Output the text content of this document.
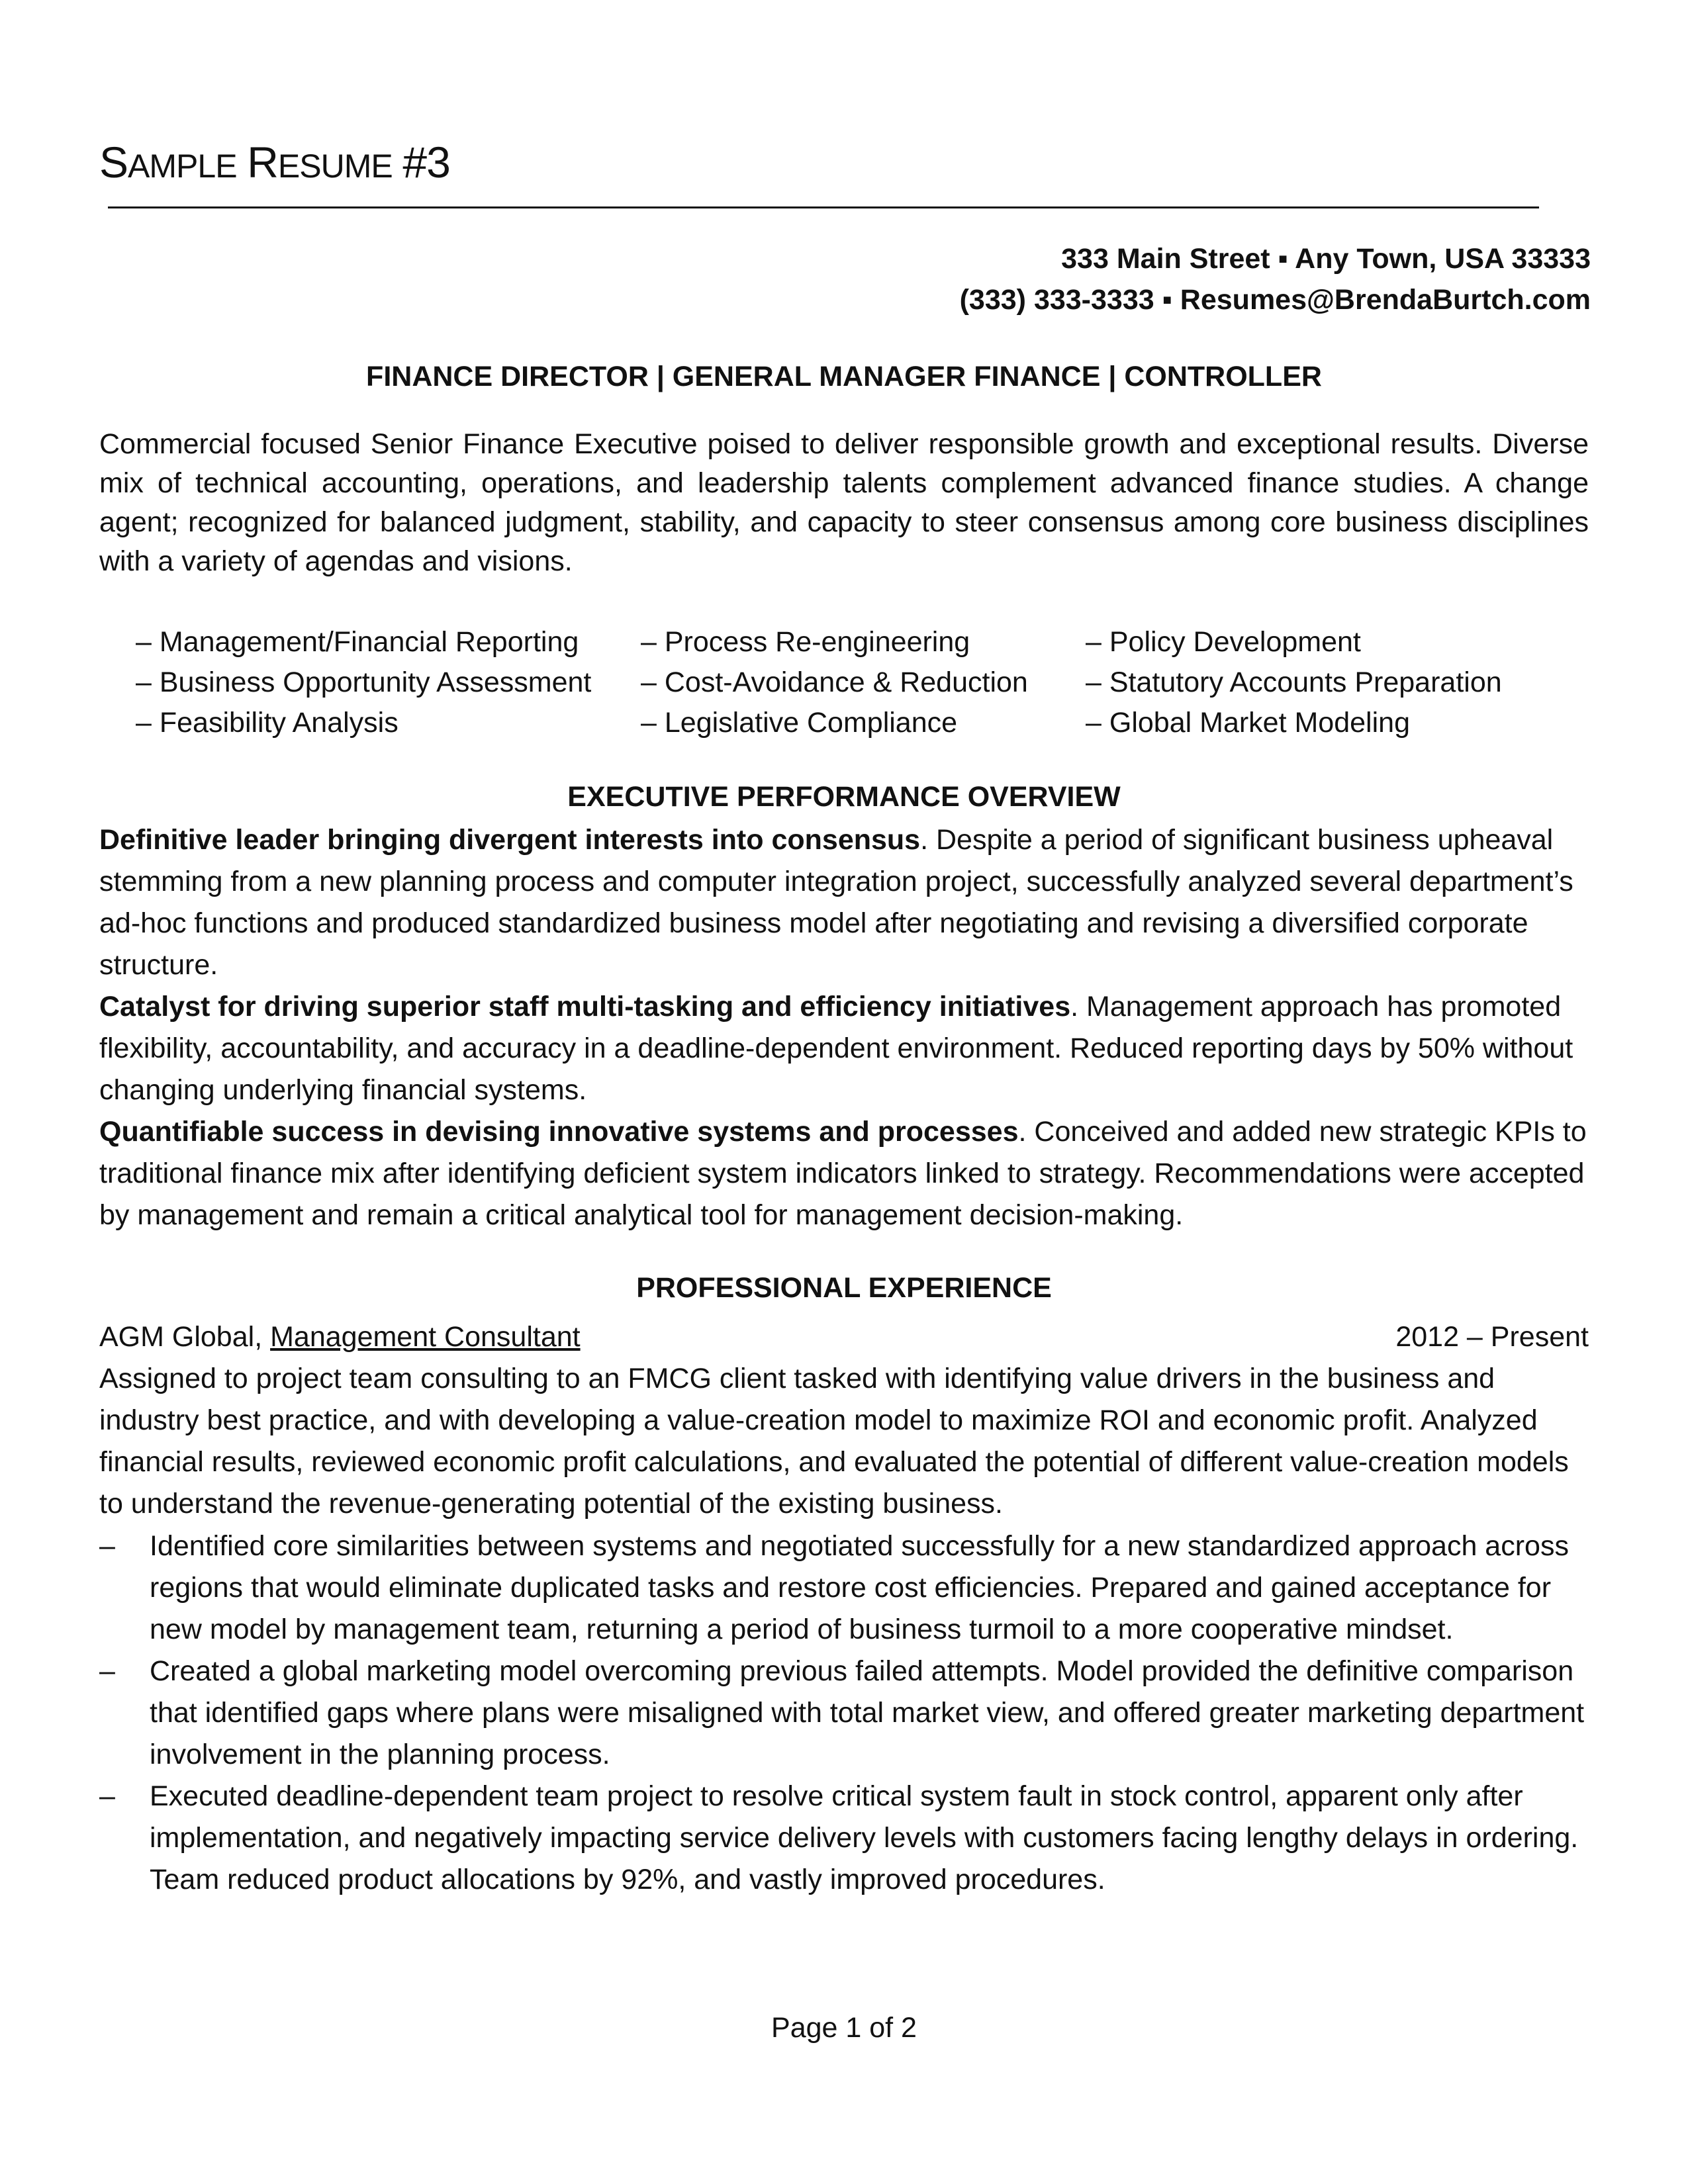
SAMPLE RESUME #3
333 Main Street ▪ Any Town, USA 33333
(333) 333-3333 ▪ Resumes@BrendaBurtch.com
FINANCE DIRECTOR | GENERAL MANAGER FINANCE | CONTROLLER
Commercial focused Senior Finance Executive poised to deliver responsible growth and exceptional results. Diverse mix of technical accounting, operations, and leadership talents complement advanced finance studies. A change agent; recognized for balanced judgment, stability, and capacity to steer consensus among core business disciplines with a variety of agendas and visions.
– Management/Financial Reporting
– Business Opportunity Assessment
– Feasibility Analysis
– Process Re-engineering
– Cost-Avoidance & Reduction
– Legislative Compliance
– Policy Development
– Statutory Accounts Preparation
– Global Market Modeling
EXECUTIVE PERFORMANCE OVERVIEW
Definitive leader bringing divergent interests into consensus. Despite a period of significant business upheaval stemming from a new planning process and computer integration project, successfully analyzed several department’s ad-hoc functions and produced standardized business model after negotiating and revising a diversified corporate structure.
Catalyst for driving superior staff multi-tasking and efficiency initiatives. Management approach has promoted flexibility, accountability, and accuracy in a deadline-dependent environment. Reduced reporting days by 50% without changing underlying financial systems.
Quantifiable success in devising innovative systems and processes. Conceived and added new strategic KPIs to traditional finance mix after identifying deficient system indicators linked to strategy. Recommendations were accepted by management and remain a critical analytical tool for management decision-making.
PROFESSIONAL EXPERIENCE
AGM Global, Management Consultant	2012 – Present
Assigned to project team consulting to an FMCG client tasked with identifying value drivers in the business and industry best practice, and with developing a value-creation model to maximize ROI and economic profit. Analyzed financial results, reviewed economic profit calculations, and evaluated the potential of different value-creation models to understand the revenue-generating potential of the existing business.
– Identified core similarities between systems and negotiated successfully for a new standardized approach across regions that would eliminate duplicated tasks and restore cost efficiencies. Prepared and gained acceptance for new model by management team, returning a period of business turmoil to a more cooperative mindset.
– Created a global marketing model overcoming previous failed attempts. Model provided the definitive comparison that identified gaps where plans were misaligned with total market view, and offered greater marketing department involvement in the planning process.
– Executed deadline-dependent team project to resolve critical system fault in stock control, apparent only after implementation, and negatively impacting service delivery levels with customers facing lengthy delays in ordering. Team reduced product allocations by 92%, and vastly improved procedures.
Page 1 of 2
